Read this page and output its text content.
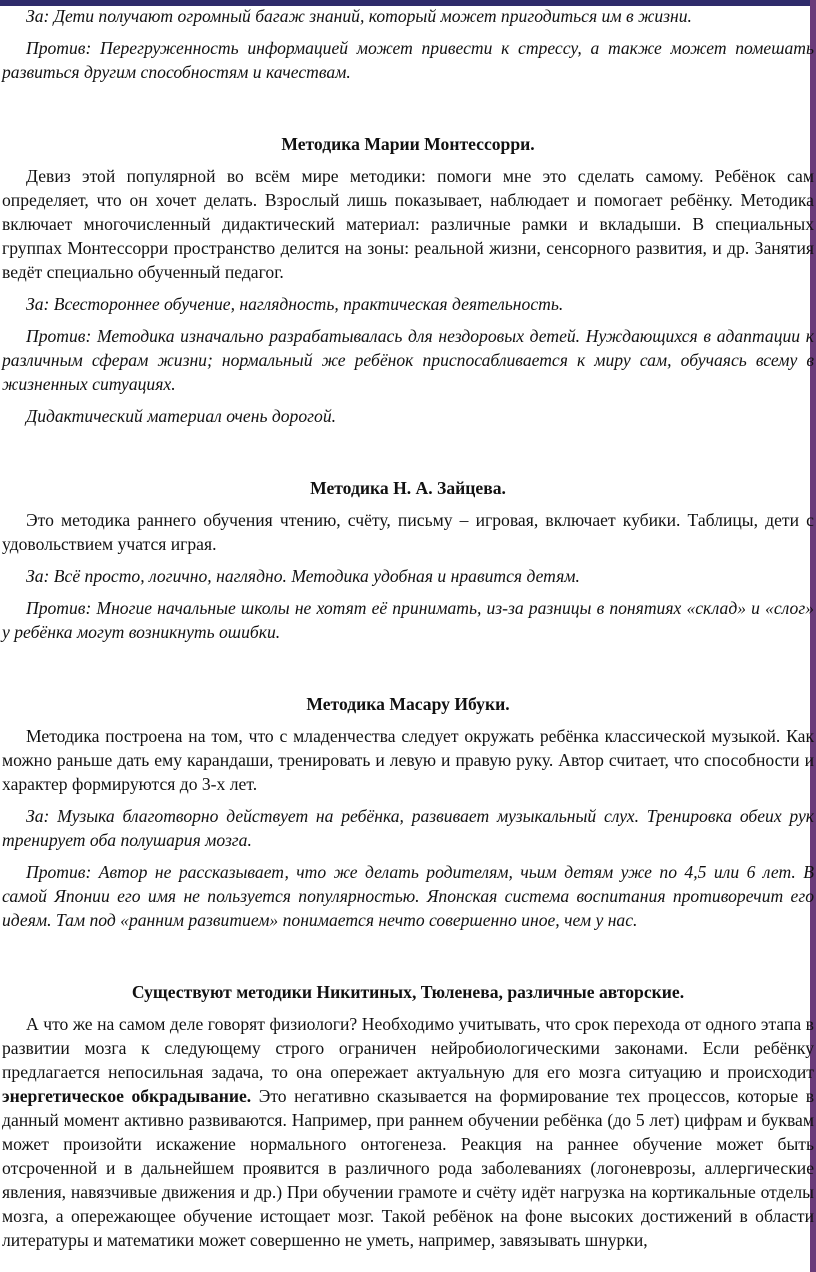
За: Дети получают огромный багаж знаний, который может пригодиться им в жизни.

Против: Перегруженность информацией может привести к стрессу, а также может помешать развиться другим способностям и качествам.

Методика Марии Монтессорри.

Девиз этой популярной во всём мире методики: помоги мне это сделать самому. Ребёнок сам определяет, что он хочет делать. Взрослый лишь показывает, наблюдает и помогает ребёнку. Методика включает многочисленный дидактический материал: различные рамки и вкладыши. В специальных группах Монтессорри пространство делится на зоны: реальной жизни, сенсорного развития, и др. Занятия ведёт специально обученный педагог.

За: Всестороннее обучение, наглядность, практическая деятельность.

Против: Методика изначально разрабатывалась для нездоровых детей. Нуждающихся в адаптации к различным сферам жизни; нормальный же ребёнок приспосабливается к миру сам, обучаясь всему в жизненных ситуациях.

Дидактический материал очень дорогой.

Методика Н. А. Зайцева.

Это методика раннего обучения чтению, счёту, письму – игровая, включает кубики. Таблицы, дети с удовольствием учатся играя.

За: Всё просто, логично, наглядно. Методика удобная и нравится детям.

Против: Многие начальные школы не хотят её принимать, из-за разницы в понятиях «склад» и «слог» у ребёнка могут возникнуть ошибки.

Методика Масару Ибуки.

Методика построена на том, что с младенчества следует окружать ребёнка классической музыкой. Как можно раньше дать ему карандаши, тренировать и левую и правую руку. Автор считает, что способности и характер формируются до 3-х лет.

За: Музыка благотворно действует на ребёнка, развивает музыкальный слух. Тренировка обеих рук тренирует оба полушария мозга.

Против: Автор не рассказывает, что же делать родителям, чьим детям уже по 4,5 или 6 лет. В самой Японии его имя не пользуется популярностью. Японская система воспитания противоречит его идеям. Там под «ранним развитием» понимается нечто совершенно иное, чем у нас.

Существуют методики Никитиных, Тюленева, различные авторские.

А что же на самом деле говорят физиологи? Необходимо учитывать, что срок перехода от одного этапа в развитии мозга к следующему строго ограничен нейробиологическими законами. Если ребёнку предлагается непосильная задача, то она опережает актуальную для его мозга ситуацию и происходит энергетическое обкрадывание. Это негативно сказывается на формирование тех процессов, которые в данный момент активно развиваются. Например, при раннем обучении ребёнка (до 5 лет) цифрам и буквам может произойти искажение нормального онтогенеза. Реакция на раннее обучение может быть отсроченной и в дальнейшем проявится в различного рода заболеваниях (логоневрозы, аллергические явления, навязчивые движения и др.) При обучении грамоте и счёту идёт нагрузка на кортикальные отделы мозга, а опережающее обучение истощает мозг. Такой ребёнок на фоне высоких достижений в области литературы и математики может совершенно не уметь, например, завязывать шнурки,
